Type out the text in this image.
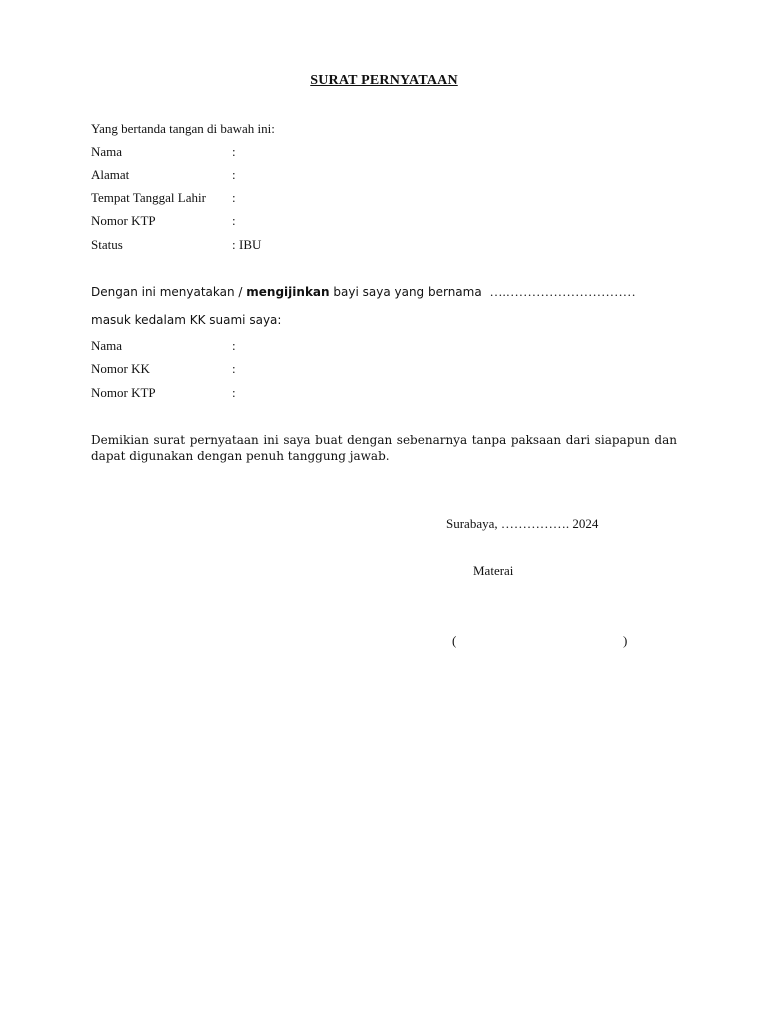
SURAT PERNYATAAN
Yang bertanda tangan di bawah ini:
Nama	:
Alamat	:
Tempat Tanggal Lahir :
Nomor KTP	:
Status	: IBU
Dengan ini menyatakan / mengijinkan bayi saya yang bernama ….…………………………
masuk kedalam KK suami saya:
Nama	:
Nomor KK	:
Nomor KTP	:
Demikian surat pernyataan ini saya buat dengan sebenarnya tanpa paksaan dari siapapun dan dapat digunakan dengan penuh tanggung jawab.
Surabaya, ……………. 2024
Materai
(	)
